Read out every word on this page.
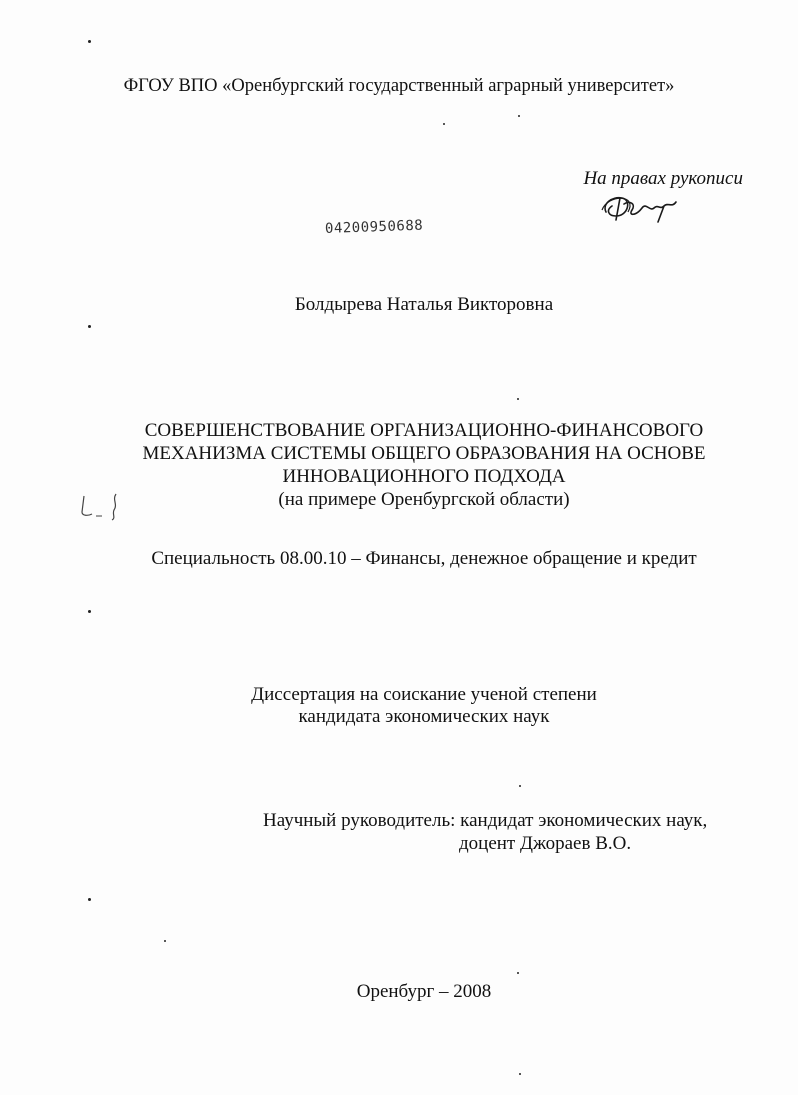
ФГОУ ВПО «Оренбургский государственный аграрный университет»
На правах рукописи
04200950688
Болдырева Наталья Викторовна
СОВЕРШЕНСТВОВАНИЕ ОРГАНИЗАЦИОННО-ФИНАНСОВОГО
МЕХАНИЗМА СИСТЕМЫ ОБЩЕГО ОБРАЗОВАНИЯ НА ОСНОВЕ
ИННОВАЦИОННОГО ПОДХОДА
(на примере Оренбургской области)
Специальность 08.00.10 – Финансы, денежное обращение и кредит
Диссертация на соискание ученой степени
кандидата экономических наук
Научный руководитель: кандидат экономических наук,
доцент Джораев В.О.
Оренбург – 2008
